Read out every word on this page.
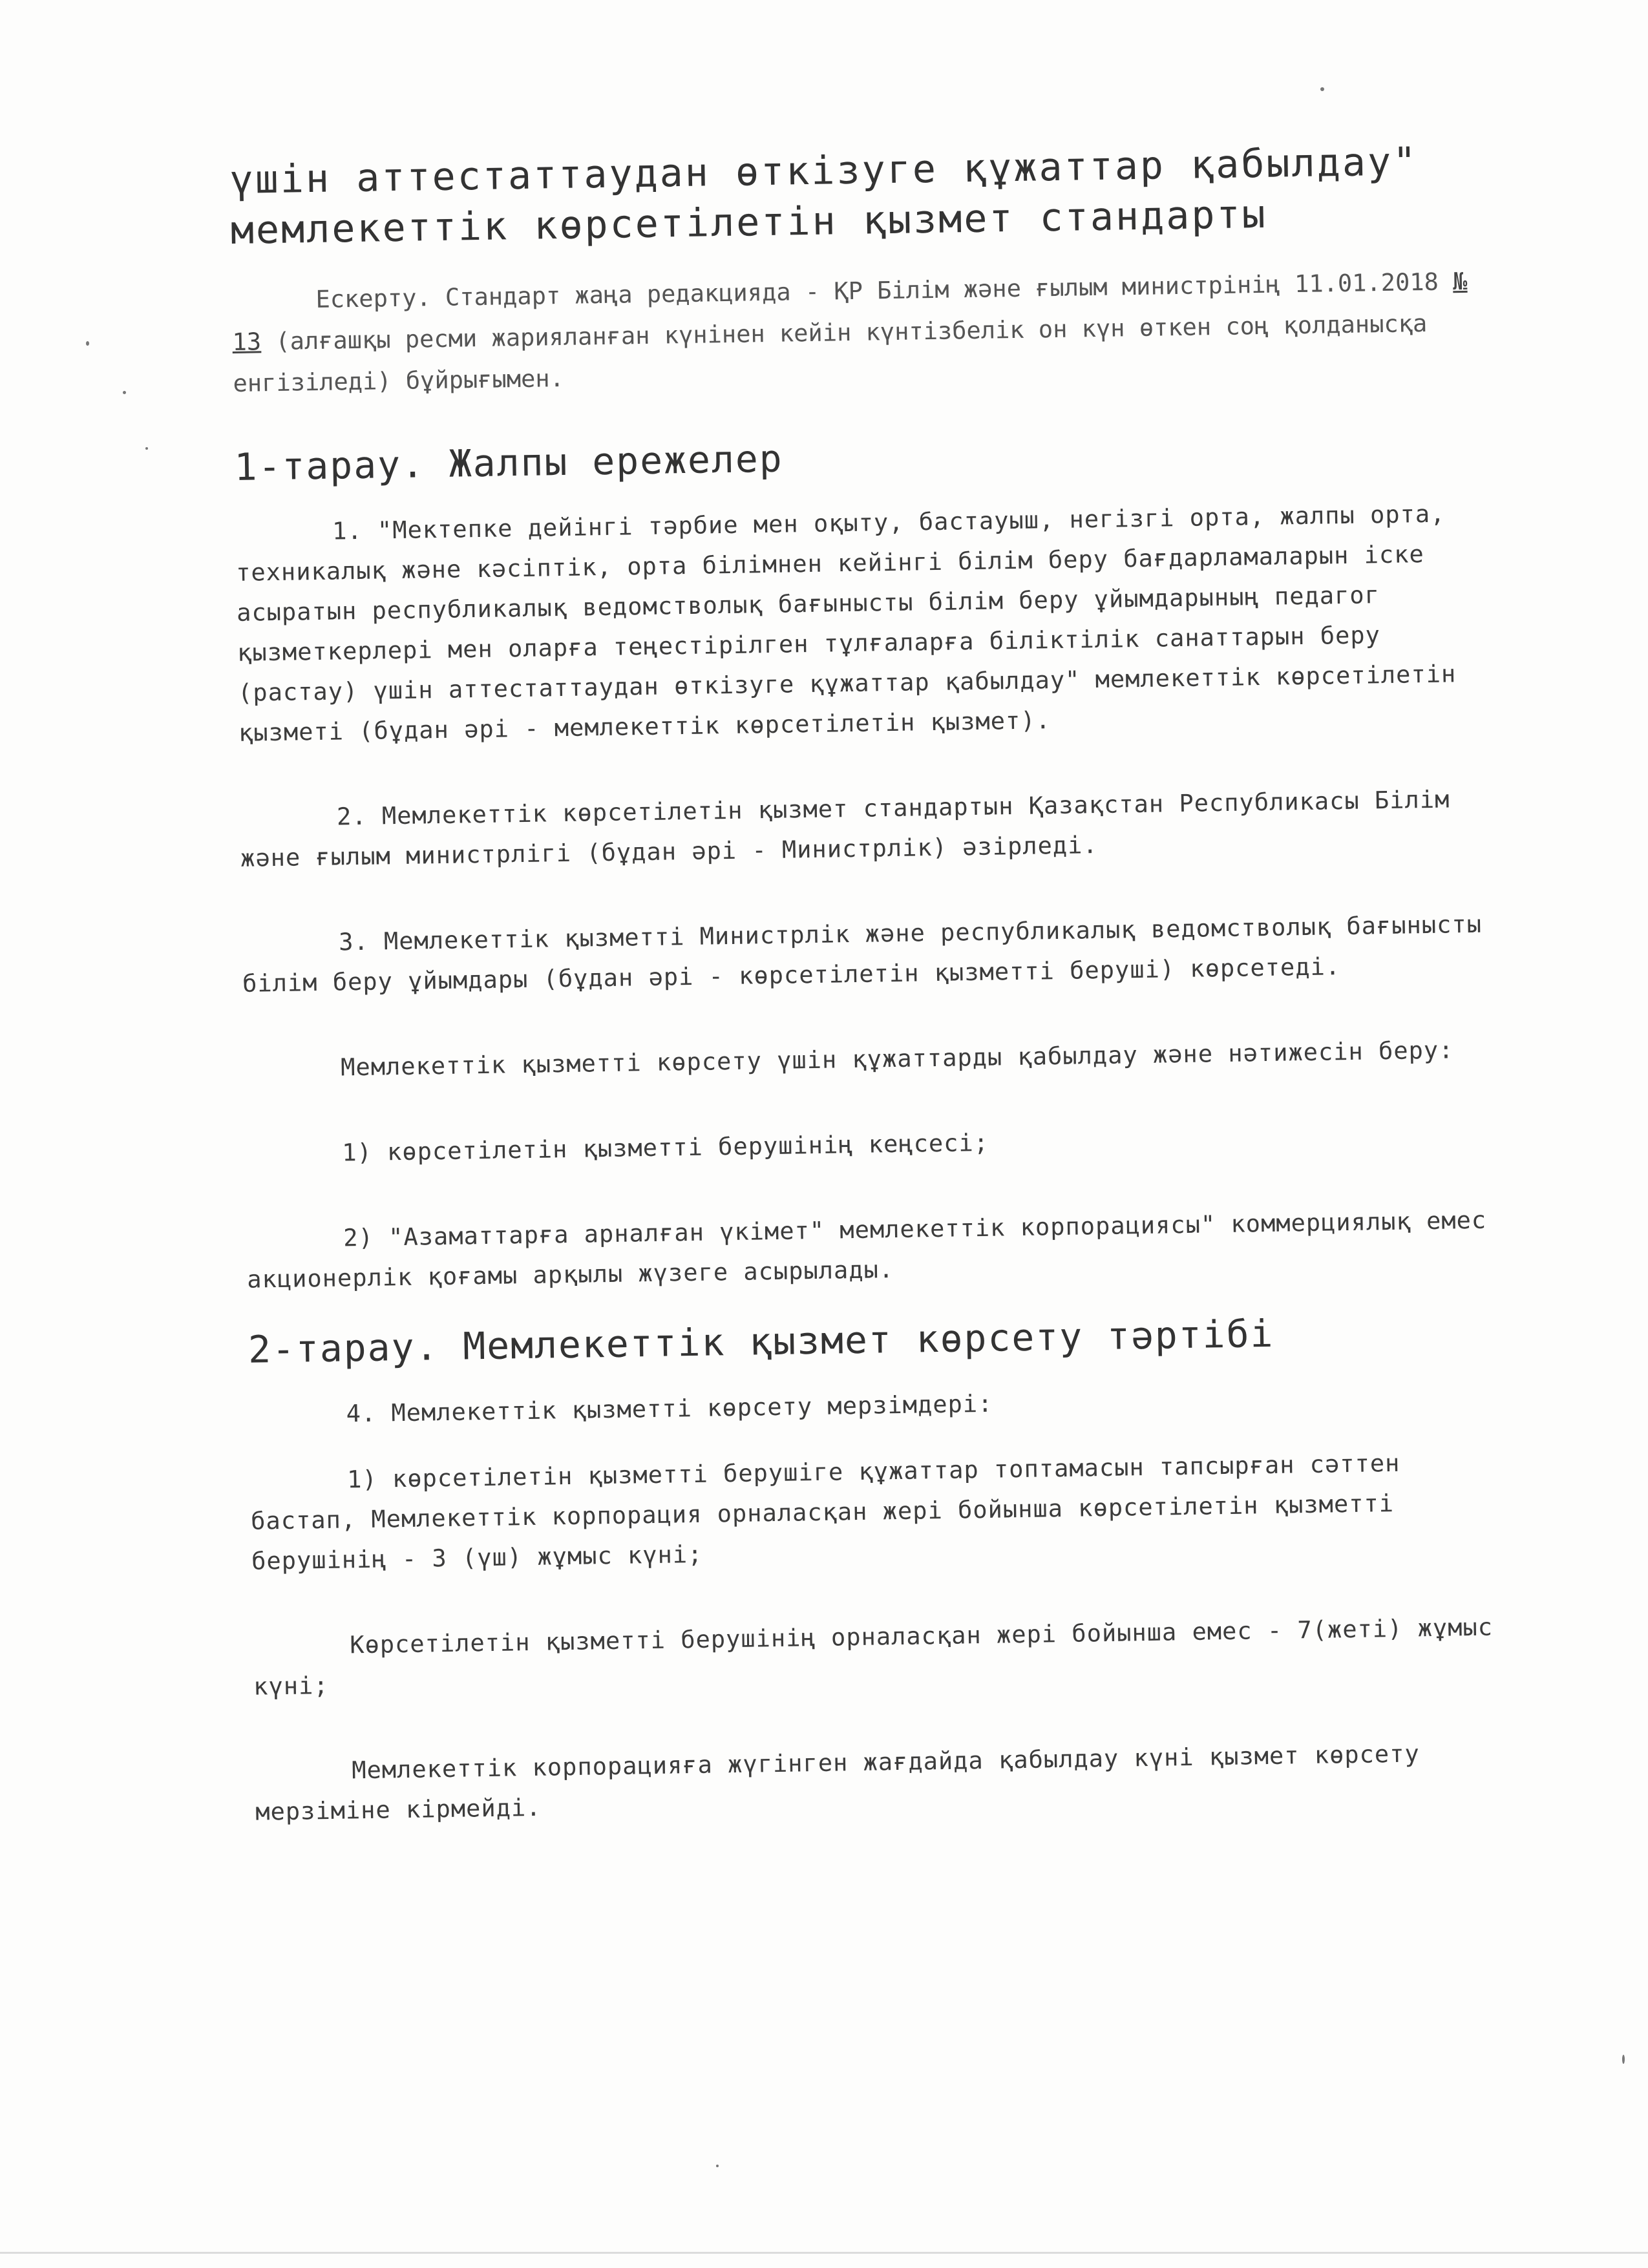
үшін аттестаттаудан өткізуге құжаттар қабылдау"
мемлекеттік көрсетілетін қызмет стандарты

Ескерту. Стандарт жаңа редакцияда - ҚР Білім және ғылым министрінің 11.01.2018 № 13 (алғашқы ресми жарияланған күнінен кейін күнтізбелік он күн өткен соң қолданысқа енгізіледі) бұйрығымен.

1-тарау. Жалпы ережелер

1. "Мектепке дейінгі тәрбие мен оқыту, бастауыш, негізгі орта, жалпы орта, техникалық және кәсіптік, орта білімнен кейінгі білім беру бағдарламаларын іске асыратын республикалық ведомстволық бағынысты білім беру ұйымдарының педагог қызметкерлері мен оларға теңестірілген тұлғаларға біліктілік санаттарын беру (растау) үшін аттестаттаудан өткізуге құжаттар қабылдау" мемлекеттік көрсетілетін қызметі (бұдан әрі - мемлекеттік көрсетілетін қызмет).

2. Мемлекеттік көрсетілетін қызмет стандартын Қазақстан Республикасы Білім және ғылым министрлігі (бұдан әрі - Министрлік) әзірледі.

3. Мемлекеттік қызметті Министрлік және республикалық ведомстволық бағынысты білім беру ұйымдары (бұдан әрі - көрсетілетін қызметті беруші) көрсетеді.

Мемлекеттік қызметті көрсету үшін құжаттарды қабылдау және нәтижесін беру:

1) көрсетілетін қызметті берушінің кеңсесі;

2) "Азаматтарға арналған үкімет" мемлекеттік корпорациясы" коммерциялық емес акционерлік қоғамы арқылы жүзеге асырылады.

2-тарау. Мемлекеттік қызмет көрсету тәртібі

4. Мемлекеттік қызметті көрсету мерзімдері:

1) көрсетілетін қызметті берушіге құжаттар топтамасын тапсырған сәттен бастап, Мемлекеттік корпорация орналасқан жері бойынша көрсетілетін қызметті берушінің - 3 (үш) жұмыс күні;

Көрсетілетін қызметті берушінің орналасқан жері бойынша емес - 7(жеті) жұмыс күні;

Мемлекеттік корпорацияға жүгінген жағдайда қабылдау күні қызмет көрсету мерзіміне кірмейді.
